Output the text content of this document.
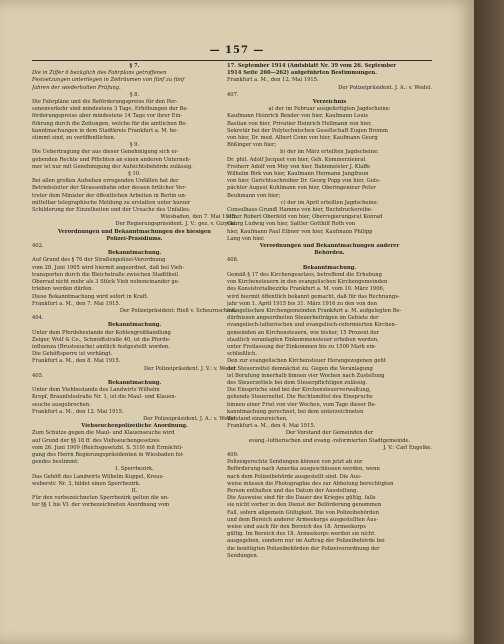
— 157 —
§ 7.
Die in Ziffer 6 bezüglich des Fahrplans getroffenen
Festsetzungen unterliegen in Zeiträumen von fünf zu fünf
Jahren der wiederholten Prüfung.
§ 8.
Die Fahrpläne und die Beförderungspreise für den Per-
sonenverkehr sind mindestens 3 Tage, Erhöhungen der Be-
förderungspreise aber mindestens 14 Tage vor ihrer Ein-
führung durch die Zeitungen, welche für die amtlichen Be-
kanntmachungen in dem Stadtkreis Frankfurt a. M. be-
stimmt sind, zu veröffentlichen.
§ 9.
Die Uebertragung der aus dieser Genehmigung sich er-
gebenden Rechte und Pflichten an einen anderen Unterneh-
mer ist nur mit Genehmigung der Aufsichtsbehörde zulässig.
§ 10.
Bei allen großen Aufsehen erregenden Unfällen hat der
Betriebsleiter der Strassenbahn oder dessen örtlicher Ver-
treter dem Minister der öffentlichen Arbeiten in Berlin un-
mittelbar telegraphische Meldung zu erstatten unter kurzer
Schilderung der Einzelheiten und der Ursache des Unfalles.
Wiesbaden, den 7. Mai 1915.
Der Regierungspräsident. J. V.: gez. v. Gizycki.
Verordnungen und Bekanntmachungen des hiesigen
Polizei-Präsidiums.
402.
Bekanntmachung.
Auf Grund des § 76 der Straßenpolizei-Verordnung
vom 28. Juni 1905 wird hiermit angeordnet, daß bei Vieh-
transporten durch die Bleichstraße zwischen Stadttheil
Oberrad nicht mehr als 3 Stück Vieh nebeneinander ge-
trieben werden dürfen.
Diese Bekanntmachung wird sofort in Kraft.
Frankfurt a. M., den 7. Mai 1915.
Der Polizeipräsident: Rieß v. Scheurnschloß.
404.
Bekanntmachung.
Unter dem Pferdebestande der Kohlengroßhandlung
Zeiger, Wolf & Co., Schmidtstraße 40, ist die Pferde-
influenza (Brustseuche) amtlich festgestellt worden.
Die Gehöftsperre ist verhängt.
Frankfurt a. M., den 8. Mai 1915.
Der Polizeipräsident. J. V.: v. Wedel.
405.
Bekanntmachung.
Unter dem Viehbestande des Landwirts Wilhelm
Kropf, Braunfelsstraße Nr. 1, ist die Maul- und Klauen-
seuche ausgebrochen.
Frankfurt a. M., den 12. Mai 1915.
Der Polizeipräsident. J. A.: v. Wedel.
Viehseuchenpolizeiliche Anordnung.
Zum Schutze gegen die Maul- und Klauenseuche wird
auf Grund der §§ 18 ff. des Viehseuchengesetzes
vom 26. Juni 1909 (Reichsgesetzbl. S. 519) mit Ermächti-
gung des Herrn Regierungspräsidenten in Wiesbaden fol-
gendes bestimmt:
I. Sperrbezirk.
Das Gehöft des Landwirts Wilhelm Kuppel, Kreuz-
weberstr. Nr. 3, bildet einen Sperrbezirk.
II.
Für den vorbezeichneten Sperrbezirk gelten die un-
ter §§ 1 bis VI. der vorbezeichneten Anordnung vom
17. September 1914 (Amtsblatt Nr. 39 vom 26. September
1914 Seite 260—262) aufgeführten Bestimmungen.
Frankfurt a. M., den 12. Mai 1915.
Der Polizeipräsident. J. A.: v. Wedel.
407.
Verzeichnis
a) der im Februar ausgefertigten Jagdscheine:
Kaufmann Heinrich Bender von hier, Kaufmann Louis
Bastian von hier, Privatier Heinrich Hellmann von hier,
Sekretär bei der Polytechnischen Gesellschaft Eugen Bromm
von hier, Dr. med. Albert Conn von hier, Kaufmann Georg
Bößinger von hier;
b) der im März erteilten Jagdscheine:
Dr. phil. Adolf Jocquet von hier, Geh. Kommerzienrat
Freiherr Adolf von Mey von hier, Bahnmeister J. Klaffe
Wilhelm Birk von hier, Kaufmann Hermann Jungfraun
von hier, Gerichtsschreiber Dr. Georg Popp von hier, Guts-
pächter August Kuhlmann von hier, Oberingenieur Peter
Beuhmann von hier;
c) der im April erteilten Jagdscheine:
Consulhaus Grundl Hamme von hier, Buchdruckereibe-
sitzer Robert Oberfeld von hier, Oberregierungsrat Konrad
Georg Ludwig von hier, Sattler Gotthilf Roth von
hier, Kaufmann Paul Eibner von hier, Kaufmann Philipp
Lang von hier.
Verordnungen und Bekanntmachungen anderer
Behörden.
408.
Bekanntmachung.
Gemäß § 17 des Kirchengesetzes, betreffend die Erhebung
von Kirchensteuern in den evangelischen Kirchengemeinden
des Konsistorialbezirks Frankfurt a. M. vom 10. März 1906,
wird hiermit öffentlich bekannt gemacht, daß für das Rechnungs-
jahr vom 1. April 1915 bis 31. März 1916 zu den von den
evangelischen Kirchengemeinden Frankfurt a. M. aufgelegten Be-
dürfnissen angeordneten Steuerbeiträgen im Gebiete der
evangelisch-lutherischen und evangelisch-reformierten Kirchen-
gemeinden an Kirchensteuern, wie bisher, 15 Prozent der
staatlich veranlagten Einkommensteuer erhoben werden,
unter Freilassung der Einkommen bis zu 1500 Mark ein-
schließlich.
Den zur evangelischen Kirchensteuer Herangezogenen geht
der Steuerzettel demnächst zu. Gegen die Veranlagung
ist Berufung innerhalb binnen vier Wochen nach Zustellung
des Steuerzettels bei dem Steuerpflichtigen zulässig.
Die Einsprüche sind bei der Kirchensteuerverwaltung,
gehende Steuerzettel. Die Rechtsmittel des Einspruchs
binnen einer Frist von vier Wochen, vom Tage dieser Be-
kanntmachung gerechnet, bei dem unterzeichneten
Vorstand einzureichen.
Frankfurt a. M., den 4. Mai 1915.
Der Vorstand der Gemeinden der
evang.-lutherischen und evang.-reformierten Stadtgemeinde.
J. V.: Carl Engelke.
409.
Polizeigerechte Sendungen können von jetzt ab zur
Beförderung nach Amerika ausgeschlossen werden, wenn
nach dem Polizeibehörde ausgestellt sind. Die Aus-
weise müssen die Photographie des zur Abholung berechtigten
Person enthalten und das Datum der Ausstellung.
Die Ausweise sind für die Dauer des Krieges gültig, falls
sie nicht vorher in den Dienst der Beförderung genommen
Fall, sofern allgemein Gültigkeit. Die von Polizeibehörden
und dem Bereich anderer Armeekorps ausgestellten Aus-
weise sind auch für den Bereich des 18. Armeekorps
gültig. Im Bereich des 18. Armeekorps werden sie nicht
ausgegeben, sondern nur im Auftrag der Polizeibehörde bei
die benötigten Polizeibehörden der Polizeiverordnung der
Sendungen.
